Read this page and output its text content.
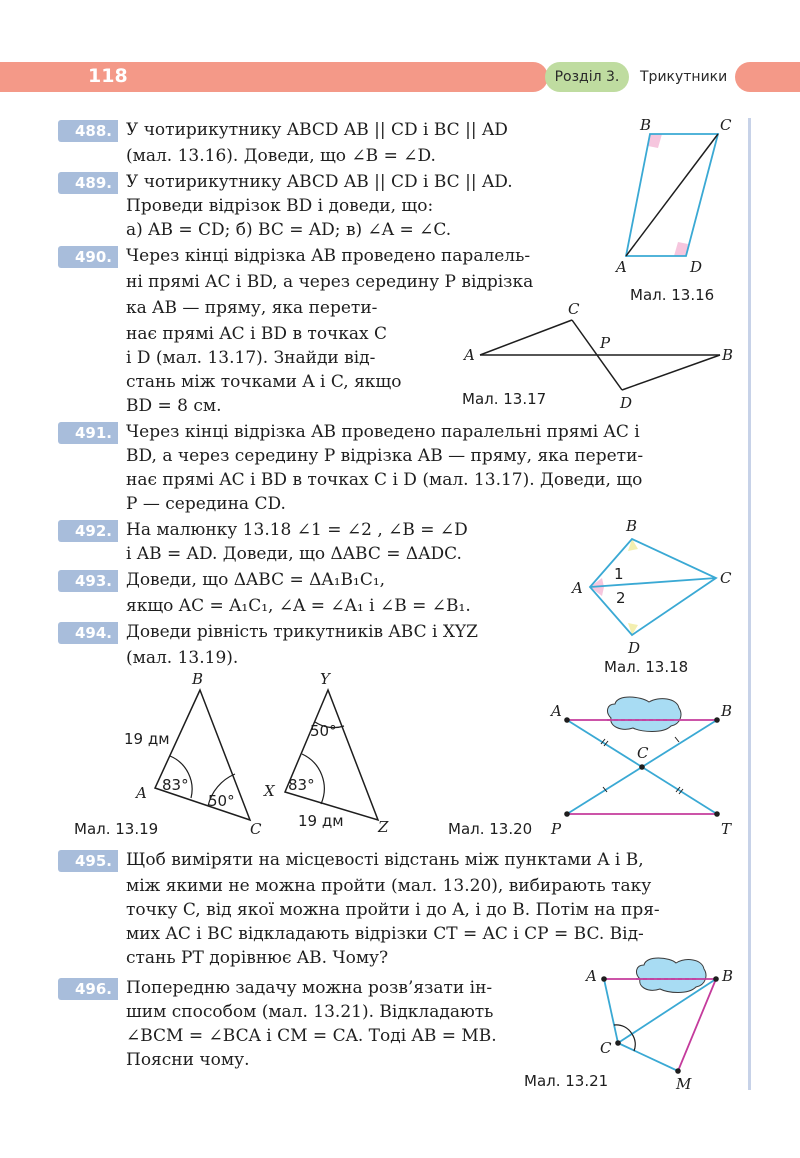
118	Розділ 3.	Трикутники
488. У чотирикутнику ABCD AB || CD і BC || AD
(мал. 13.16). Доведи, що ∠B = ∠D.
489. У чотирикутнику ABCD AB || CD і BC || AD.
Проведи відрізок BD і доведи, що:
а) AB = CD; б) BC = AD; в) ∠A = ∠C.
490. Через кінці відрізка AB проведено паралель-
ні прямі AC і BD, а через середину P відрізка
ка AB — пряму, яка перети-
нає прямі AC і BD в точках C
і D (мал. 13.17). Знайди від-
стань між точками A і C, якщо
BD = 8 см.
491. Через кінці відрізка AB проведено паралельні прямі AC і
BD, а через середину P відрізка AB — пряму, яка перети-
нає прямі AC і BD в точках C і D (мал. 13.17). Доведи, що
P — середина CD.
492. На малюнку 13.18 ∠1 = ∠2 , ∠B = ∠D
і AB = AD. Доведи, що ΔABC = ΔADC.
493. Доведи, що ΔABC = ΔA₁B₁C₁,
якщо AC = A₁C₁, ∠A = ∠A₁ і ∠B = ∠B₁.
494. Доведи рівність трикутників ABC і XYZ
(мал. 13.19).
495. Щоб виміряти на місцевості відстань між пунктами A і B,
між якими не можна пройти (мал. 13.20), вибирають таку
точку C, від якої можна пройти і до A, і до B. Потім на пря-
мих AC і BC відкладають відрізки CT = AC і CP = BC. Від-
стань PT дорівнює AB. Чому?
496. Попередню задачу можна розв’язати ін-
шим способом (мал. 13.21). Відкладають
∠BCM = ∠BCA і CM = CA. Тоді AB = MB.
Поясни чому.
B	C
A	D
Мал. 13.16
A
C
P
B
D
Мал. 13.17
B
A
C
D
1
2
Мал. 13.18
B
A
C
19 дм
83°
50°
Y
X
Z
83°
50°
19 дм
Мал. 13.19
A	B
C
P	T
Мал. 13.20
A	B
C
M
Мал. 13.21
